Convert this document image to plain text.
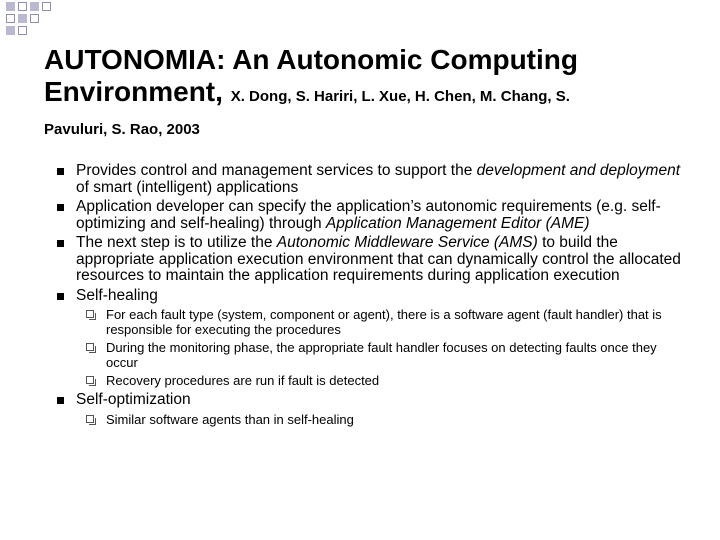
AUTONOMIA: An Autonomic Computing Environment, X. Dong, S. Hariri, L. Xue, H. Chen, M. Chang, S.
Pavuluri, S. Rao, 2003
Provides control and management services to support the development and deployment of smart (intelligent) applications
Application developer can specify the application’s autonomic requirements (e.g. self-optimizing and self-healing) through Application Management Editor (AME)
The next step is to utilize the Autonomic Middleware Service (AMS) to build the appropriate application execution environment that can dynamically control the allocated resources to maintain the application requirements during application execution
Self-healing
For each fault type (system, component or agent), there is a software agent (fault handler) that is responsible for executing the procedures
During the monitoring phase, the appropriate fault handler focuses on detecting faults once they occur
Recovery procedures are run if fault is detected
Self-optimization
Similar software agents than in self-healing
